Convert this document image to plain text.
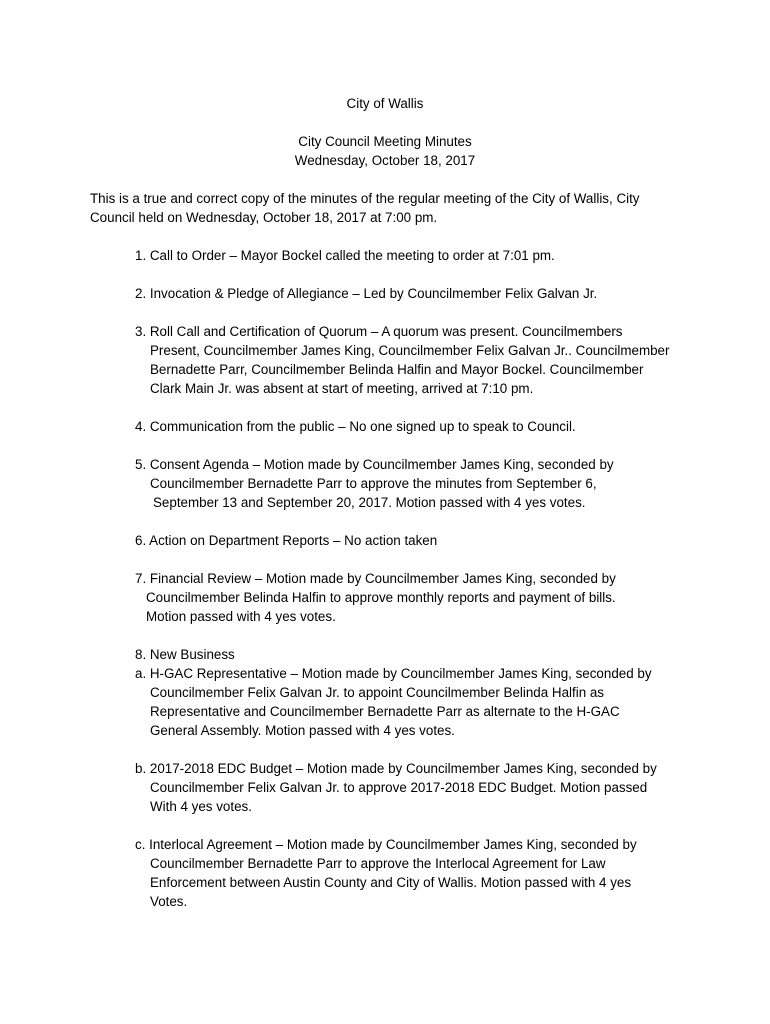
City of Wallis
City Council Meeting Minutes
Wednesday, October 18, 2017
This is a true and correct copy of the minutes of the regular meeting of the City of Wallis, City
Council held on Wednesday, October 18, 2017 at 7:00 pm.
1. Call to Order – Mayor Bockel called the meeting to order at 7:01 pm.
2. Invocation & Pledge of Allegiance – Led by Councilmember Felix Galvan Jr.
3. Roll Call and Certification of Quorum – A quorum was present. Councilmembers
Present, Councilmember James King, Councilmember Felix Galvan Jr.. Councilmember
Bernadette Parr, Councilmember Belinda Halfin and Mayor Bockel. Councilmember
Clark Main Jr. was absent at start of meeting, arrived at 7:10 pm.
4. Communication from the public – No one signed up to speak to Council.
5. Consent Agenda – Motion made by Councilmember James King, seconded by
Councilmember Bernadette Parr to approve the minutes from September 6,
September 13 and September 20, 2017. Motion passed with 4 yes votes.
6. Action on Department Reports – No action taken
7. Financial Review – Motion made by Councilmember James King, seconded by
Councilmember Belinda Halfin to approve monthly reports and payment of bills.
Motion passed with 4 yes votes.
8. New Business
a. H-GAC Representative – Motion made by Councilmember James King, seconded by
Councilmember Felix Galvan Jr. to appoint Councilmember Belinda Halfin as
Representative and Councilmember Bernadette Parr as alternate to the H-GAC
General Assembly. Motion passed with 4 yes votes.
b. 2017-2018 EDC Budget – Motion made by Councilmember James King, seconded by
Councilmember Felix Galvan Jr. to approve 2017-2018 EDC Budget. Motion passed
With 4 yes votes.
c. Interlocal Agreement – Motion made by Councilmember James King, seconded by
Councilmember Bernadette Parr to approve the Interlocal Agreement for Law
Enforcement between Austin County and City of Wallis. Motion passed with 4 yes
Votes.
